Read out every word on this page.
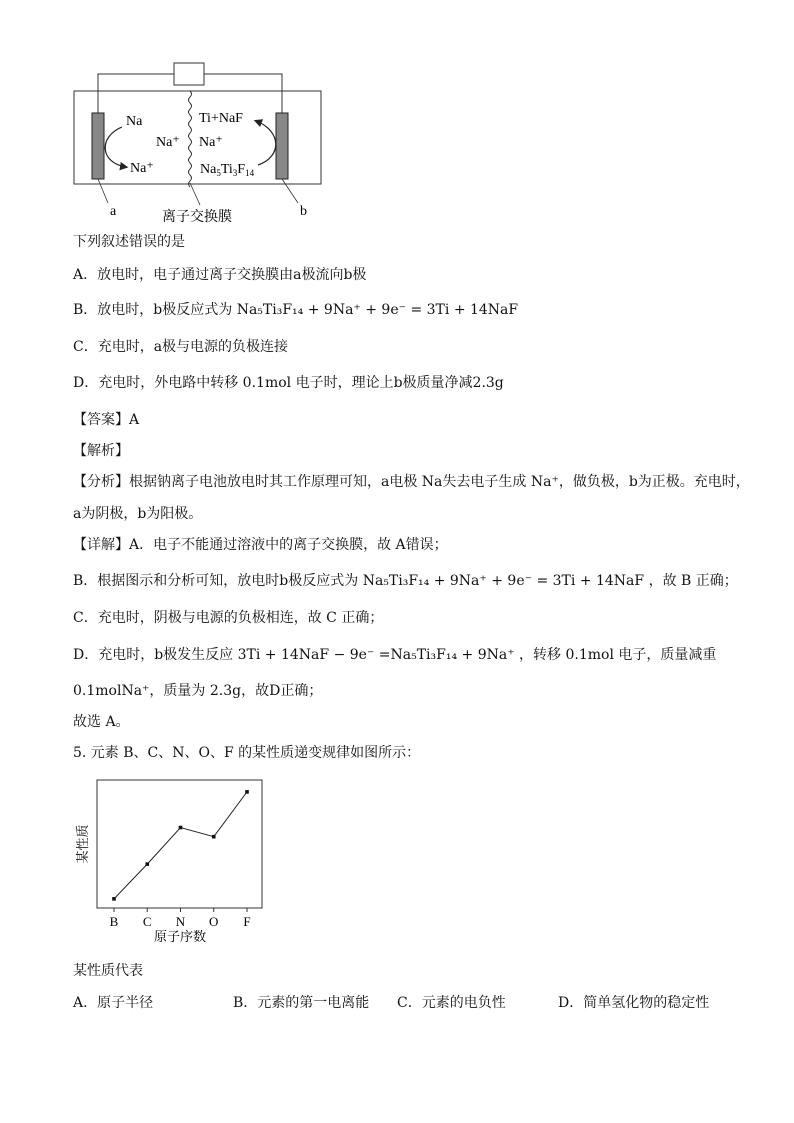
Na
Na⁺
Na⁺
Ti+NaF
Na⁺
$Na_5Ti_3F_{14}$
a	b
离子交换膜
下列叙述错误的是
A．放电时，电子通过离子交换膜由a极流向b极
B．放电时，b极反应式为 Na₅Ti₃F₁₄ + 9Na⁺ + 9e⁻ = 3Ti + 14NaF
C．充电时，a极与电源的负极连接
D．充电时，外电路中转移 0.1mol 电子时，理论上b极质量净减2.3g
【答案】A
【解析】
【分析】根据钠离子电池放电时其工作原理可知，a电极 Na失去电子生成 Na⁺，做负极，b为正极。充电时，
a为阴极，b为阳极。
【详解】A．电子不能通过溶液中的离子交换膜，故 A错误；
B．根据图示和分析可知，放电时b极反应式为 Na₅Ti₃F₁₄ + 9Na⁺ + 9e⁻ = 3Ti + 14NaF ，故 B 正确；
C．充电时，阴极与电源的负极相连，故 C 正确；
D．充电时，b极发生反应 3Ti + 14NaF − 9e⁻ =Na₅Ti₃F₁₄ + 9Na⁺ ，转移 0.1mol 电子，质量减重
0.1molNa⁺，质量为 2.3g，故D正确；
故选 A。
5. 元素 B、C、N、O、F 的某性质递变规律如图所示：
B C N O F
原子序数
某性质
某性质代表
A．原子半径	B．元素的第一电离能 C．元素的电负性	D．简单氢化物的稳定性
